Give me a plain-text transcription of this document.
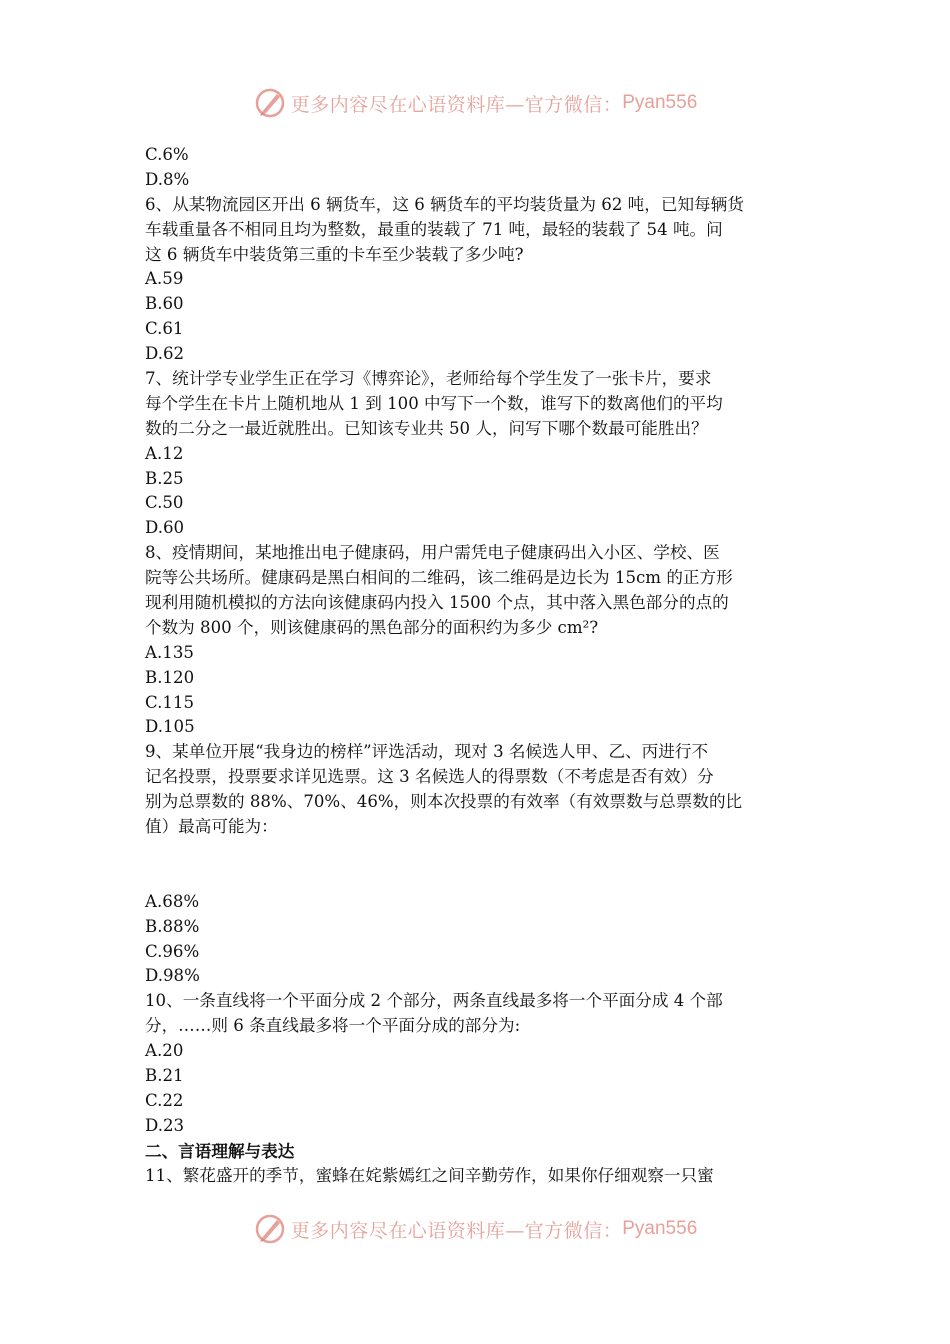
更多内容尽在心语资料库—官方微信： Pyan556
C.6%
D.8%
6、从某物流园区开出 6 辆货车，这 6 辆货车的平均装货量为 62 吨，已知每辆货
车载重量各不相同且均为整数，最重的装载了 71 吨，最轻的装载了 54 吨。问
这 6 辆货车中装货第三重的卡车至少装载了多少吨?
A.59
B.60
C.61
D.62
7、统计学专业学生正在学习《博弈论》，老师给每个学生发了一张卡片，要求
每个学生在卡片上随机地从 1 到 100 中写下一个数，谁写下的数离他们的平均
数的二分之一最近就胜出。已知该专业共 50 人，问写下哪个数最可能胜出？
A.12
B.25
C.50
D.60
8、疫情期间，某地推出电子健康码，用户需凭电子健康码出入小区、学校、医
院等公共场所。健康码是黑白相间的二维码，该二维码是边长为 15cm 的正方形
现利用随机模拟的方法向该健康码内投入 1500 个点，其中落入黑色部分的点的
个数为 800 个，则该健康码的黑色部分的面积约为多少 cm²?
A.135
B.120
C.115
D.105
9、某单位开展“我身边的榜样”评选活动，现对 3 名候选人甲、乙、丙进行不
记名投票，投票要求详见选票。这 3 名候选人的得票数（不考虑是否有效）分
别为总票数的 88%、70%、46%，则本次投票的有效率（有效票数与总票数的比
值）最高可能为：
A.68%
B.88%
C.96%
D.98%
10、一条直线将一个平面分成 2 个部分，两条直线最多将一个平面分成 4 个部
分，……则 6 条直线最多将一个平面分成的部分为:
A.20
B.21
C.22
D.23
二、言语理解与表达
11、繁花盛开的季节，蜜蜂在姹紫嫣红之间辛勤劳作，如果你仔细观察一只蜜
更多内容尽在心语资料库—官方微信： Pyan556
